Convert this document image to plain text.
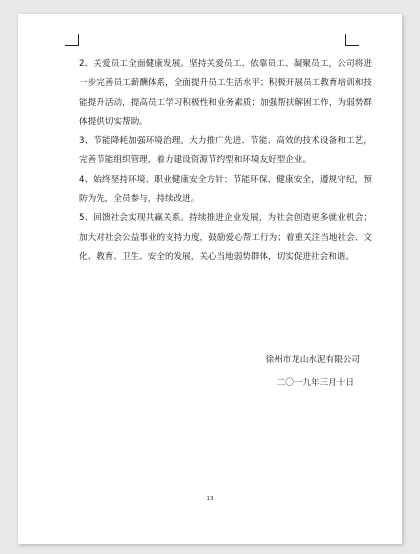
2、关爱员工全面健康发展。坚持关爱员工、依靠员工、凝聚员工，公司将进一步完善员工薪酬体系，全面提升员工生活水平；积极开展员工教育培训和技能提升活动，提高员工学习积极性和业务素质；加强帮扶解困工作，为弱势群体提供切实帮助。

3、节能降耗加强环境治理。大力推广先进、节能、高效的技术设备和工艺，完善节能组织管理，着力建设资源节约型和环境友好型企业。

4、始终坚持环境、职业健康安全方针：节能环保、健康安全，遵规守纪，预防为先，全员参与，持续改进。

5、回馈社会实现共赢关系。持续推进企业发展，为社会创造更多就业机会；加大对社会公益事业的支持力度，鼓励爱心帮工行为；着重关注当地社会、文化、教育、卫生、安全的发展，关心当地弱势群体，切实促进社会和谐。

徐州市龙山水泥有限公司
二〇一九年三月十日
13
